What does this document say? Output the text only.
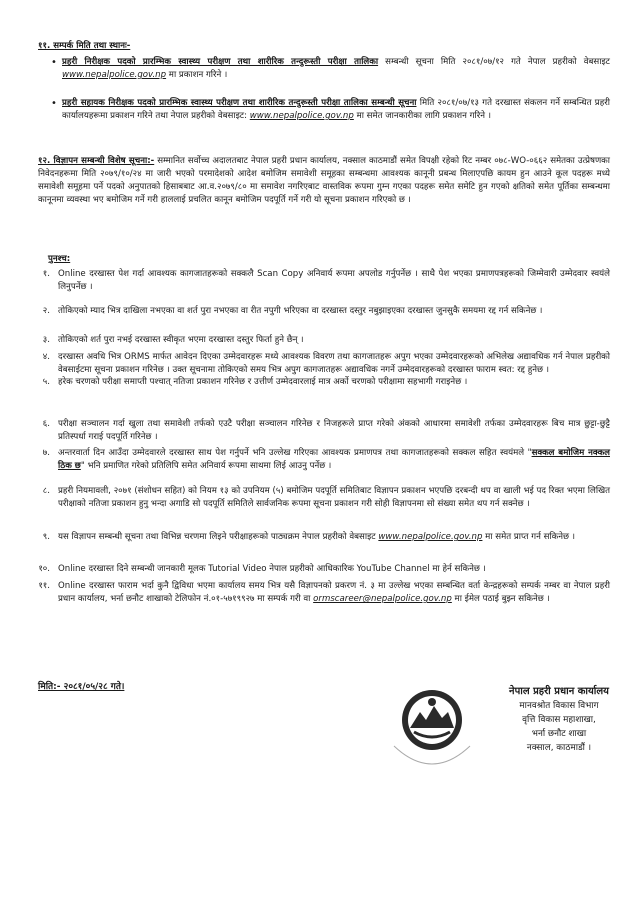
११. सम्पर्क मिति तथा स्थानः-
• प्रहरी निरीक्षक पदको प्रारम्भिक स्वास्थ्य परीक्षण तथा शारीरिक तन्दुरूस्ती परीक्षा तालिका सम्बन्धी सूचना मिति २०८१/०७/१२ गते नेपाल प्रहरीको वेबसाइट www.nepalpolice.gov.np मा प्रकाशन गरिने ।
• प्रहरी सहायक निरीक्षक पदको प्रारम्भिक स्वास्थ्य परीक्षण तथा शारीरिक तन्दुरूस्ती परीक्षा तालिका सम्बन्धी सूचना मिति २०८१/०७/१३ गते दरखास्त संकलन गर्ने सम्बन्धित प्रहरी कार्यालयहरूमा प्रकाशन गरिने तथा नेपाल प्रहरीको वेबसाइट: www.nepalpolice.gov.np मा समेत जानकारीका लागि प्रकाशन गरिने ।
१२. विज्ञापन सम्बन्धी विशेष सूचना:- सम्मानित सर्वोच्च अदालतबाट नेपाल प्रहरी प्रधान कार्यालय, नक्साल काठमाडौं समेत विपक्षी रहेको रिट नम्बर ०७८-WO-०६६२ समेतका उत्प्रेषणका निवेदनहरूमा मिति २०७९/१०/२४ मा जारी भएको परमादेशको आदेश बमोजिम समावेशी समूहका सम्बन्धमा आवश्यक कानूनी प्रबन्ध मिलाएपछि कायम हुन आउने कूल पदहरू मध्ये समावेशी समूहमा पर्ने पदको अनुपातको हिसाबबाट आ.व.२०७९/८० मा समावेश नगरिएबाट वास्तविक रूपमा गुम्न गएका पदहरू समेत समेटि हुन गएको क्षतिको समेत पूर्तिका सम्बन्धमा कानूनमा व्यवस्था भए बमोजिम गर्ने गरी हाललाई प्रचलित कानून बमोजिम पदपूर्ति गर्ने गरी यो सूचना प्रकाशन गरिएको छ ।
पुनश्च:
१. Online दरखास्त पेश गर्दा आवश्यक कागजातहरूको सक्कलै Scan Copy अनिवार्य रूपमा अपलोड गर्नुपर्नेछ । साथै पेश भएका प्रमाणपत्रहरूको जिम्मेवारी उम्मेदवार स्वयंले लिनुपर्नेछ ।
२. तोकिएको म्याद भित्र दाखिला नभएका वा शर्त पुरा नभएका वा रीत नपुगी भरिएका वा दरखास्त दस्तुर नबुझाइएका दरखास्त जुनसुकै समयमा रद्द गर्न सकिनेछ ।
३. तोकिएको शर्त पुरा नभई दरखास्त स्वीकृत भएमा दरखास्त दस्तुर फिर्ता हुने छैन् ।
४. दरखास्त अवधि भित्र ORMS मार्फत आवेदन दिएका उम्मेदवारहरू मध्ये आवश्यक विवरण तथा कागजातहरू अपुग भएका उम्मेदवारहरूको अभिलेख अद्यावधिक गर्न नेपाल प्रहरीको वेबसाईटमा सूचना प्रकाशन गरिनेछ । उक्त सूचनामा तोकिएको समय भित्र अपुग कागजातहरू अद्यावधिक नगर्ने उम्मेदवारहरूको दरखास्त फाराम स्वत: रद्द हुनेछ ।
५. हरेक चरणको परीक्षा समाप्ती पश्चात् नतिजा प्रकाशन गरिनेछ र उत्तीर्ण उम्मेदवारलाई मात्र अर्को चरणको परीक्षामा सहभागी गराइनेछ ।
६. परीक्षा सञ्चालन गर्दा खुला तथा समावेशी तर्फको एउटै परीक्षा सञ्चालन गरिनेछ र निजहरूले प्राप्त गरेको अंकको आधारमा समावेशी तर्फका उम्मेदवारहरू बिच मात्र छुट्टा-छुट्टै प्रतिस्पर्धा गराई पदपूर्ति गरिनेछ ।
७. अन्तरवार्ता दिन आउँदा उम्मेदवारले दरखास्त साथ पेश गर्नुपर्ने भनि उल्लेख गरिएका आवश्यक प्रमाणपत्र तथा कागजातहरूको सक्कल सहित स्वयंमले "सक्कल बमोजिम नक्कल ठिक छ" भनि प्रमाणित गरेको प्रतिलिपि समेत अनिवार्य रूपमा साथमा लिई आउनु पर्नेछ ।
८. प्रहरी नियमावली, २०७१ (संशोधन सहित) को नियम १३ को उपनियम (५) बमोजिम पदपूर्ति समितिबाट विज्ञापन प्रकाशन भएपछि दरबन्दी थप वा खाली भई पद रिक्त भएमा लिखित परीक्षाको नतिजा प्रकाशन हुनु भन्दा अगाडि सो पदपूर्ति समितिले सार्वजनिक रूपमा सूचना प्रकाशन गरी सोही विज्ञापनमा सो संख्या समेत थप गर्न सक्नेछ ।
९. यस विज्ञापन सम्बन्धी सूचना तथा विभिन्न चरणमा लिइने परीक्षाहरूको पाठ्यक्रम नेपाल प्रहरीको वेबसाइट www.nepalpolice.gov.np मा समेत प्राप्त गर्न सकिनेछ ।
१०. Online दरखास्त दिने सम्बन्धी जानकारी मूलक Tutorial Video नेपाल प्रहरीको आधिकारिक YouTube Channel मा हेर्न सकिनेछ ।
११. Online दरखास्त फाराम भर्दा कुनै द्विविधा भएमा कार्यालय समय भित्र यसै विज्ञापनको प्रकरण नं. ३ मा उल्लेख भएका सम्बन्धित वर्ता केन्द्रहरूको सम्पर्क नम्बर वा नेपाल प्रहरी प्रधान कार्यालय, भर्ना छनौट शाखाको टेलिफोन नं.०१-५७१९९२७ मा सम्पर्क गरी वा ormscareer@nepalpolice.gov.np मा ईमेल पठाई बुझ्न सकिनेछ ।
मिति:- २०८१/०५/२८ गते।	नेपाल प्रहरी प्रधान कार्यालय
मानवश्रोत विकास विभाग
वृत्ति विकास महाशाखा,
भर्ना छनौट शाखा
नक्साल, काठमाडौं ।
